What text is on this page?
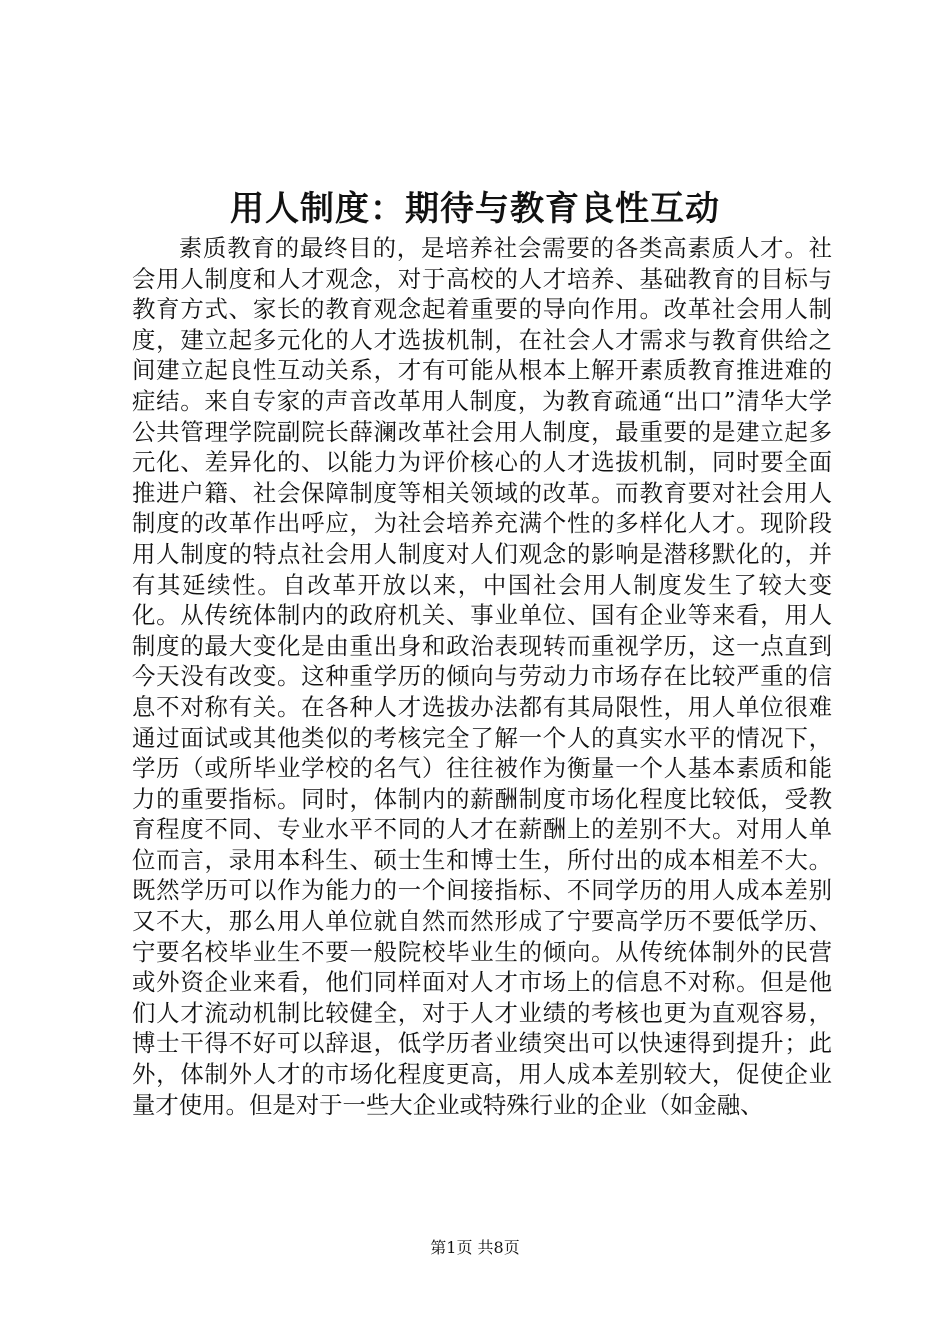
用人制度：期待与教育良性互动

素质教育的最终目的，是培养社会需要的各类高素质人才。社会用人制度和人才观念，对于高校的人才培养、基础教育的目标与教育方式、家长的教育观念起着重要的导向作用。改革社会用人制度，建立起多元化的人才选拔机制，在社会人才需求与教育供给之间建立起良性互动关系，才有可能从根本上解开素质教育推进难的症结。来自专家的声音改革用人制度，为教育疏通“出口”清华大学公共管理学院副院长薛澜改革社会用人制度，最重要的是建立起多元化、差异化的、以能力为评价核心的人才选拔机制，同时要全面推进户籍、社会保障制度等相关领域的改革。而教育要对社会用人制度的改革作出呼应，为社会培养充满个性的多样化人才。现阶段用人制度的特点社会用人制度对人们观念的影响是潜移默化的，并有其延续性。自改革开放以来，中国社会用人制度发生了较大变化。从传统体制内的政府机关、事业单位、国有企业等来看，用人制度的最大变化是由重出身和政治表现转而重视学历，这一点直到今天没有改变。这种重学历的倾向与劳动力市场存在比较严重的信息不对称有关。在各种人才选拔办法都有其局限性，用人单位很难通过面试或其他类似的考核完全了解一个人的真实水平的情况下，学历（或所毕业学校的名气）往往被作为衡量一个人基本素质和能力的重要指标。同时，体制内的薪酬制度市场化程度比较低，受教育程度不同、专业水平不同的人才在薪酬上的差别不大。对用人单位而言，录用本科生、硕士生和博士生，所付出的成本相差不大。既然学历可以作为能力的一个间接指标、不同学历的用人成本差别又不大，那么用人单位就自然而然形成了宁要高学历不要低学历、宁要名校毕业生不要一般院校毕业生的倾向。从传统体制外的民营或外资企业来看，他们同样面对人才市场上的信息不对称。但是他们人才流动机制比较健全，对于人才业绩的考核也更为直观容易，博士干得不好可以辞退，低学历者业绩突出可以快速得到提升；此外，体制外人才的市场化程度更高，用人成本差别较大，促使企业量才使用。但是对于一些大企业或特殊行业的企业（如金融、

第1页 共8页
